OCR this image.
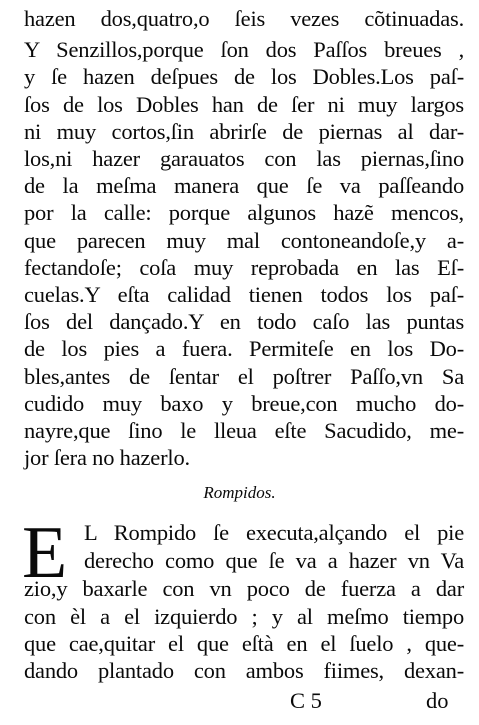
hazen dos,quatro,o ſeis vezes cõtinuadas.
Y Senzillos,porque ſon dos Paſſos breues ,
y ſe hazen deſpues de los Dobles.Los paſ-
ſos de los Dobles han de ſer ni muy largos
ni muy cortos,ſin abrirſe de piernas al dar-
los,ni hazer garauatos con las piernas,ſino
de la meſma manera que ſe va paſſeando
por la calle: porque algunos hazẽ mencos,
que parecen muy mal contoneandoſe,y a-
fectandoſe; coſa muy reprobada en las Eſ-
cuelas.Y eſta calidad tienen todos los paſ-
ſos del dançado.Y en todo caſo las puntas
de los pies a fuera. Permiteſe en los Do-
bles,antes de ſentar el poſtrer Paſſo,vn Sa
cudido muy baxo y breue,con mucho do-
nayre,que ſino le lleua eſte Sacudido, me-
jor ſera no hazerlo.
Rompidos.
E L Rompido ſe executa,alçando el pie
derecho como que ſe va a hazer vn Va
zio,y baxarle con vn poco de fuerza a dar
con èl a el izquierdo ; y al meſmo tiempo
que cae,quitar el que eſtà en el ſuelo , que-
dando plantado con ambos fiimes, dexan-
C 5	do
